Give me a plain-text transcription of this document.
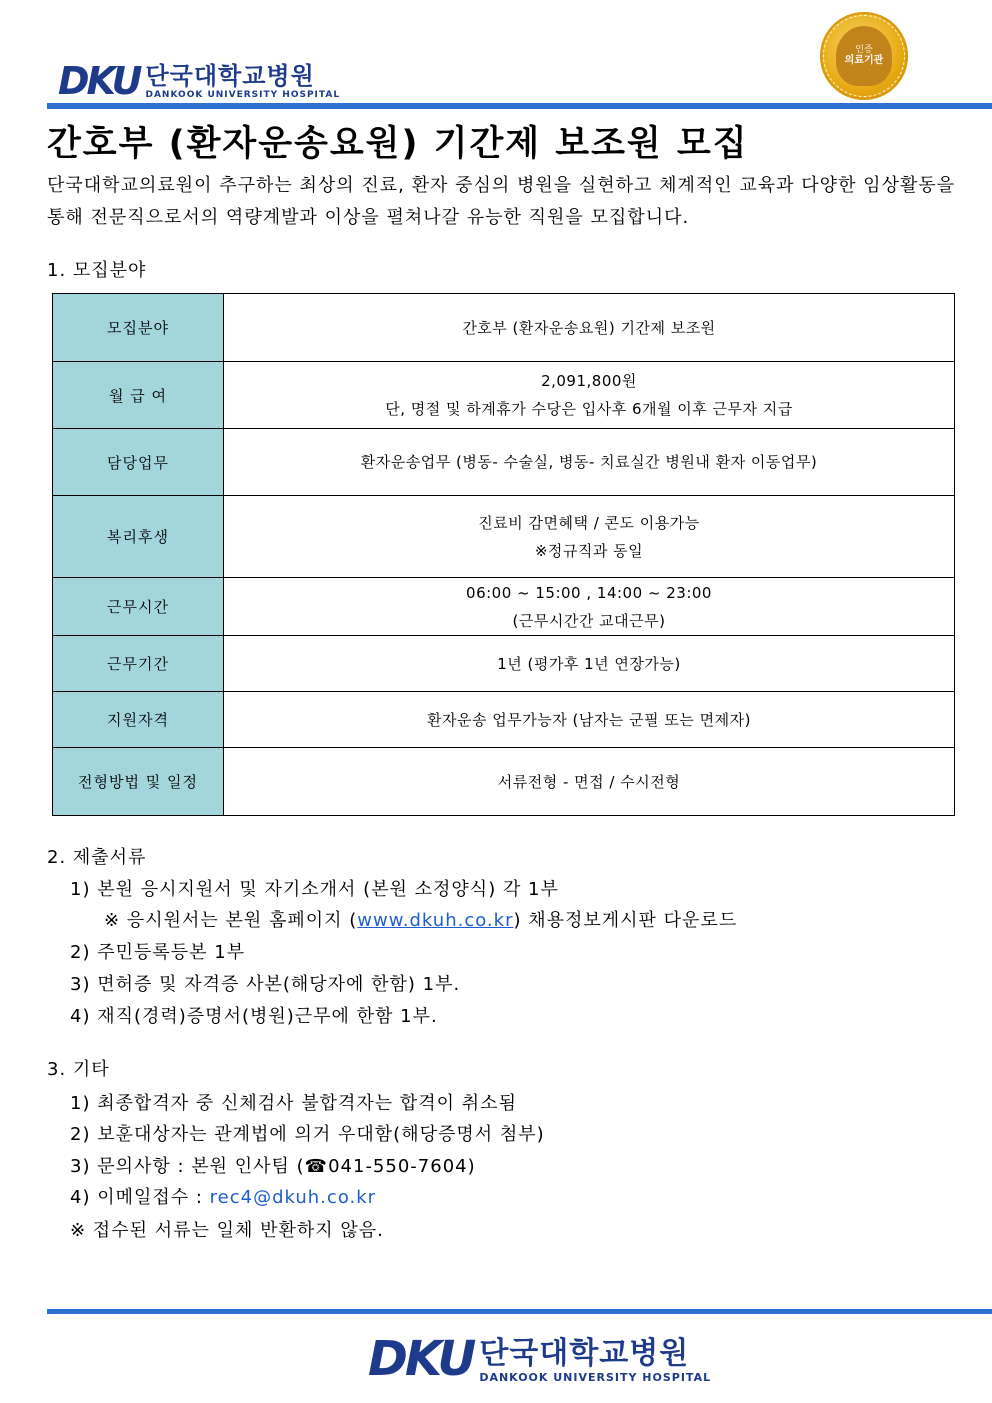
DKU 단국대학교병원
DANKOOK UNIVERSITY HOSPITAL
인증
의료기관
간호부 (환자운송요원) 기간제 보조원 모집
단국대학교의료원이 추구하는 최상의 진료, 환자 중심의 병원을 실현하고 체계적인 교육과 다양한 임상활동을 통해 전문직으로서의 역량계발과 이상을 펼쳐나갈 유능한 직원을 모집합니다.
1. 모집분야
모집분야	간호부 (환자운송요원) 기간제 보조원

월 급 여	2,091,800원
단, 명절 및 하계휴가 수당은 입사후 6개월 이후 근무자 지급

담당업무	환자운송업무 (병동- 수술실, 병동- 치료실간 병원내 환자 이동업무)

복리후생	진료비 감면혜택 / 콘도 이용가능
※정규직과 동일

근무시간	06:00 ~ 15:00 , 14:00 ~ 23:00
(근무시간간 교대근무)

근무기간	1년 (평가후 1년 연장가능)

지원자격	환자운송 업무가능자 (남자는 군필 또는 면제자)

전형방법 및 일정	서류전형 - 면접 / 수시전형
2. 제출서류
1) 본원 응시지원서 및 자기소개서 (본원 소정양식) 각 1부
※ 응시원서는 본원 홈페이지 (www.dkuh.co.kr) 채용정보게시판 다운로드
2) 주민등록등본 1부
3) 면허증 및 자격증 사본(해당자에 한함) 1부.
4) 재직(경력)증명서(병원)근무에 한함 1부.
3. 기타
1) 최종합격자 중 신체검사 불합격자는 합격이 취소됨
2) 보훈대상자는 관계법에 의거 우대함(해당증명서 첨부)
3) 문의사항 : 본원 인사팀 (☎041-550-7604)
4) 이메일접수 : rec4@dkuh.co.kr
※ 접수된 서류는 일체 반환하지 않음.
DKU 단국대학교병원
DANKOOK UNIVERSITY HOSPITAL
